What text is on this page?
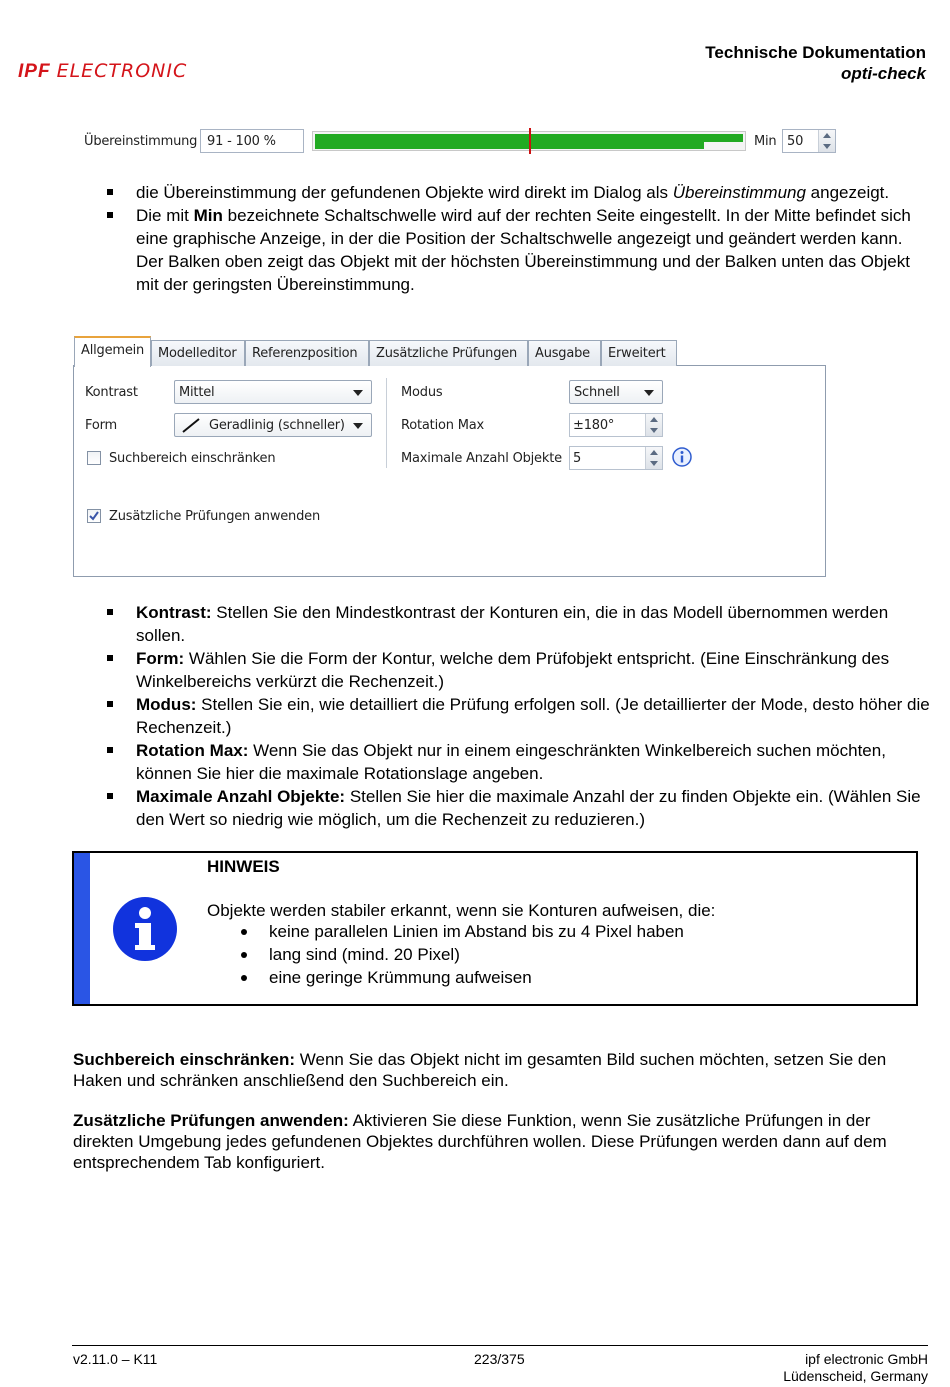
IPF ELECTRONIC
Technische Dokumentation
opti-check
Übereinstimmung 91 - 100 %	Min 50
die Übereinstimmung der gefundenen Objekte wird direkt im Dialog als Übereinstimmung angezeigt.
Die mit Min bezeichnete Schaltschwelle wird auf der rechten Seite eingestellt. In der Mitte befindet sich eine graphische Anzeige, in der die Position der Schaltschwelle angezeigt und geändert werden kann. Der Balken oben zeigt das Objekt mit der höchsten Übereinstimmung und der Balken unten das Objekt mit der geringsten Übereinstimmung.
Allgemein	Modelleditor	Referenzposition	Zusätzliche Prüfungen	Ausgabe	Erweitert
Kontrast	Mittel
Form	Geradlinig (schneller)
Suchbereich einschränken
Modus	Schnell
Rotation Max	±180°
Maximale Anzahl Objekte 5
Zusätzliche Prüfungen anwenden
Kontrast: Stellen Sie den Mindestkontrast der Konturen ein, die in das Modell übernommen werden sollen.
Form: Wählen Sie die Form der Kontur, welche dem Prüfobjekt entspricht. (Eine Einschränkung des Winkelbereichs verkürzt die Rechenzeit.)
Modus: Stellen Sie ein, wie detailliert die Prüfung erfolgen soll. (Je detaillierter der Mode, desto höher die Rechenzeit.)
Rotation Max: Wenn Sie das Objekt nur in einem eingeschränkten Winkelbereich suchen möchten, können Sie hier die maximale Rotationslage angeben.
Maximale Anzahl Objekte: Stellen Sie hier die maximale Anzahl der zu finden Objekte ein. (Wählen Sie den Wert so niedrig wie möglich, um die Rechenzeit zu reduzieren.)
HINWEIS
Objekte werden stabiler erkannt, wenn sie Konturen aufweisen, die:
keine parallelen Linien im Abstand bis zu 4 Pixel haben
lang sind (mind. 20 Pixel)
eine geringe Krümmung aufweisen
Suchbereich einschränken: Wenn Sie das Objekt nicht im gesamten Bild suchen möchten, setzen Sie den Haken und schränken anschließend den Suchbereich ein.
Zusätzliche Prüfungen anwenden: Aktivieren Sie diese Funktion, wenn Sie zusätzliche Prüfungen in der direkten Umgebung jedes gefundenen Objektes durchführen wollen. Diese Prüfungen werden dann auf dem entsprechendem Tab konfiguriert.
v2.11.0 – K11	223/375	ipf electronic GmbH
Lüdenscheid, Germany
